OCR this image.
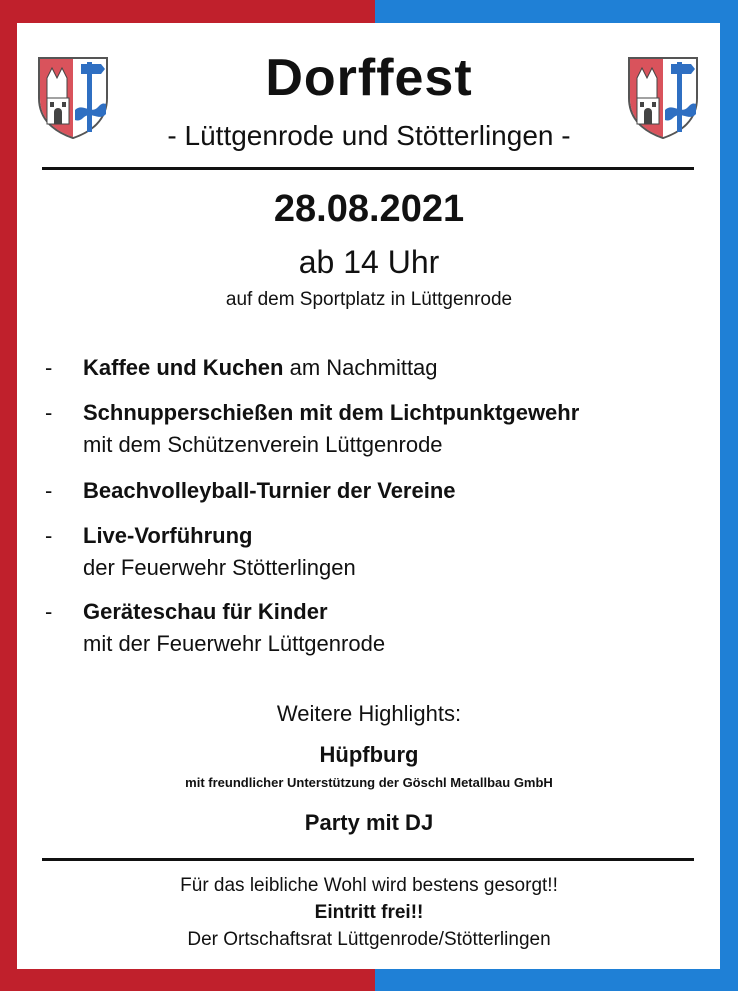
Dorffest
- Lüttgenrode und Stötterlingen -
28.08.2021
ab 14 Uhr
auf dem Sportplatz in Lüttgenrode
- Kaffee und Kuchen am Nachmittag
- Schnupperschießen mit dem Lichtpunktgewehr
mit dem Schützenverein Lüttgenrode
- Beachvolleyball-Turnier der Vereine
- Live-Vorführung
der Feuerwehr Stötterlingen
- Geräteschau für Kinder
mit der Feuerwehr Lüttgenrode
Weitere Highlights:
Hüpfburg
mit freundlicher Unterstützung der Göschl Metallbau GmbH
Party mit DJ
Für das leibliche Wohl wird bestens gesorgt!!
Eintritt frei!!
Der Ortschaftsrat Lüttgenrode/Stötterlingen
